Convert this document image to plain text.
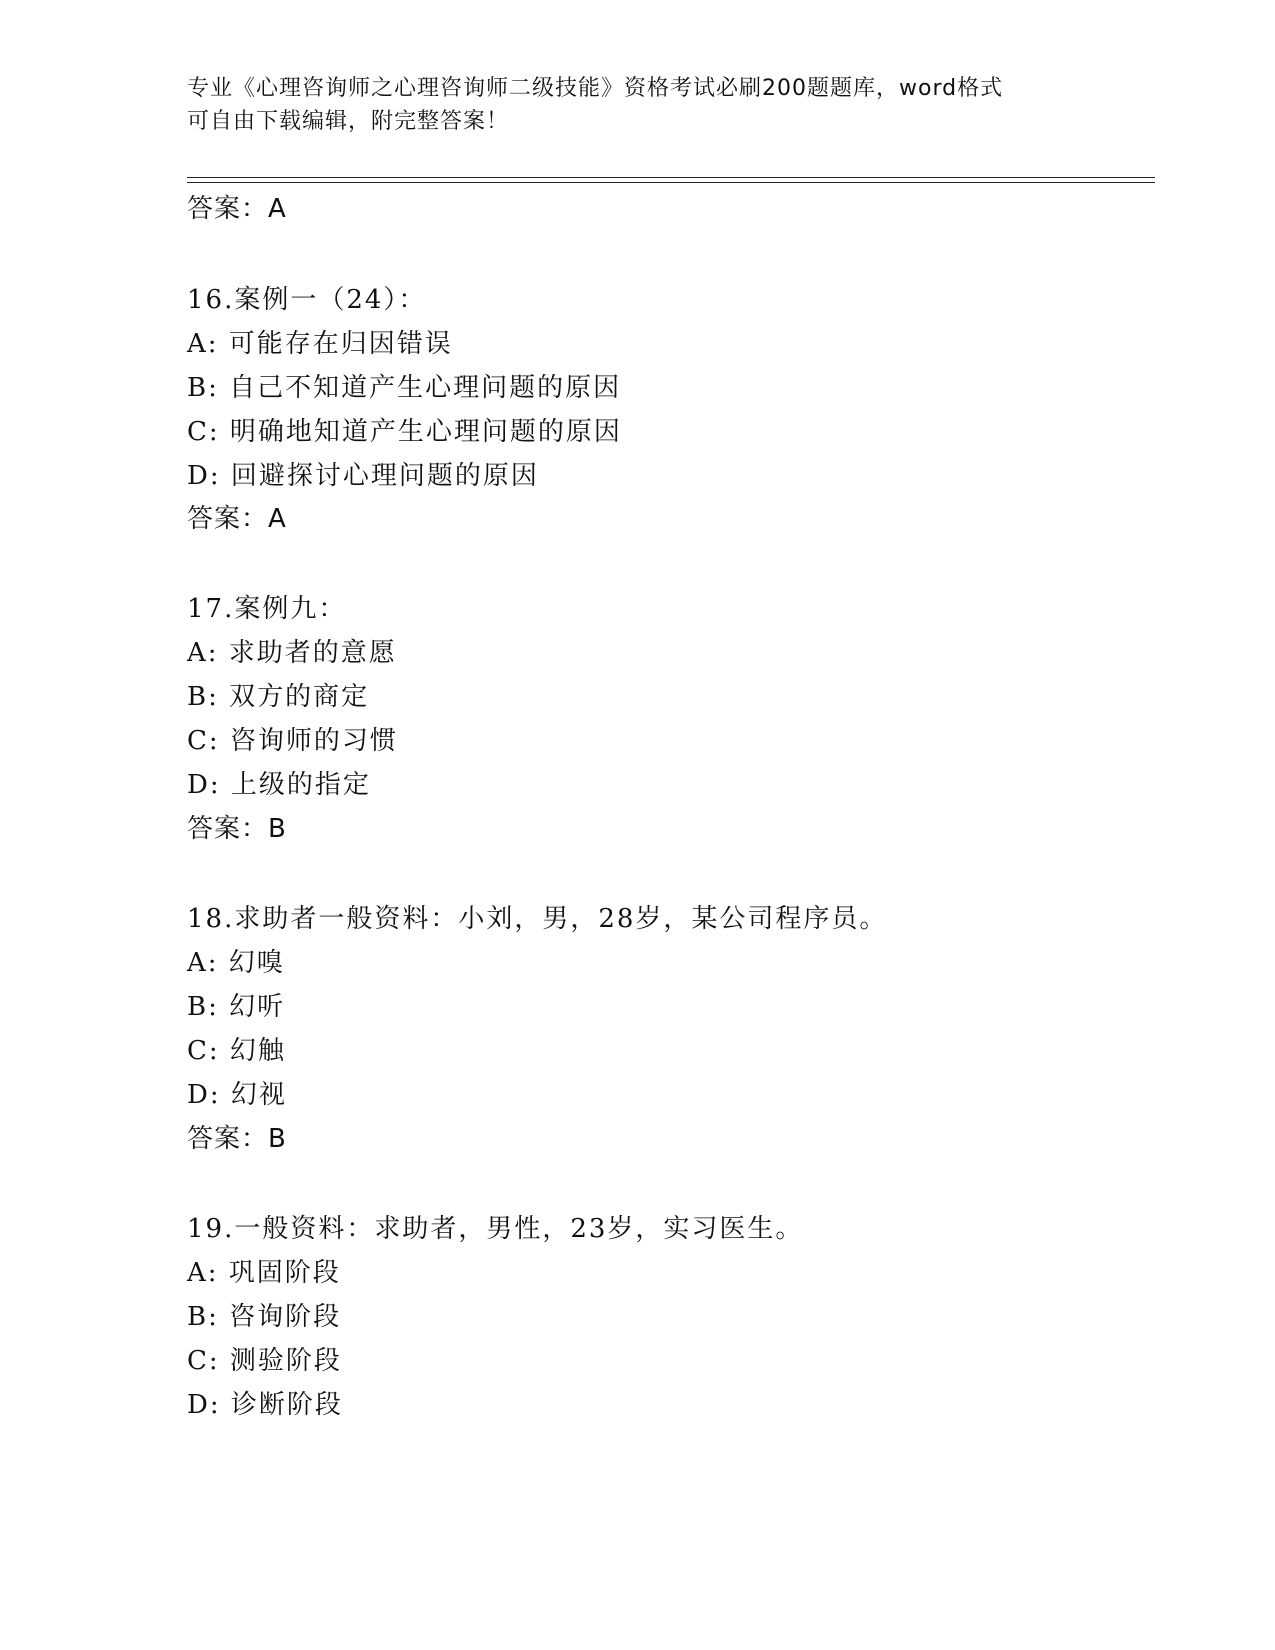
专业《心理咨询师之心理咨询师二级技能》资格考试必刷200题题库，word格式
可自由下载编辑，附完整答案！
答案：A
16.案例一（24）：
A: 可能存在归因错误
B: 自己不知道产生心理问题的原因
C: 明确地知道产生心理问题的原因
D: 回避探讨心理问题的原因
答案：A
17.案例九：
A: 求助者的意愿
B: 双方的商定
C: 咨询师的习惯
D: 上级的指定
答案：B
18.求助者一般资料：小刘，男，28岁，某公司程序员。
A: 幻嗅
B: 幻听
C: 幻触
D: 幻视
答案：B
19.一般资料：求助者，男性，23岁，实习医生。
A: 巩固阶段
B: 咨询阶段
C: 测验阶段
D: 诊断阶段
